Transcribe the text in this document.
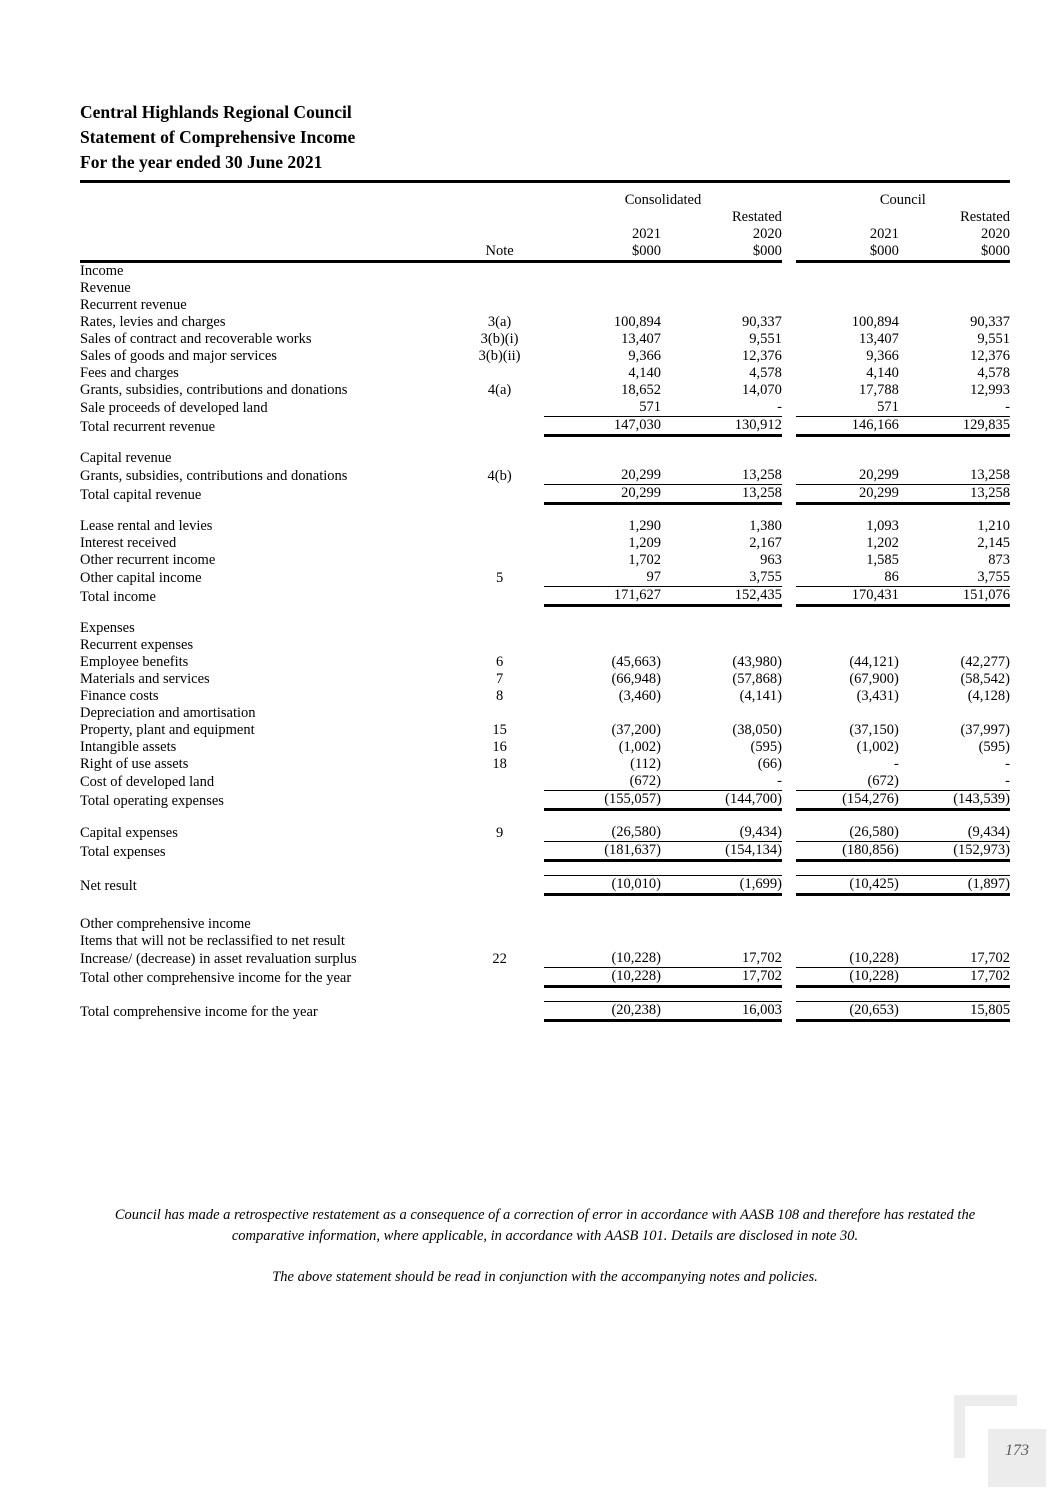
Central Highlands Regional Council
Statement of Comprehensive Income
For the year ended 30 June 2021
		Consolidated			Council	
			Restated			Restated
		2021	2020		2021	2020
	Note	$000	$000		$000	$000
Income						
Revenue						
Recurrent revenue						
Rates, levies and charges	3(a)	100,894	90,337		100,894	90,337
Sales of contract and recoverable works	3(b)(i)	13,407	9,551		13,407	9,551
Sales of goods and major services	3(b)(ii)	9,366	12,376		9,366	12,376
Fees and charges		4,140	4,578		4,140	4,578
Grants, subsidies, contributions and donations	4(a)	18,652	14,070		17,788	12,993
Sale proceeds of developed land		571	-		571	-
Total recurrent revenue		147,030	130,912		146,166	129,835

Capital revenue						
Grants, subsidies, contributions and donations	4(b)	20,299	13,258		20,299	13,258
Total capital revenue		20,299	13,258		20,299	13,258

Lease rental and levies		1,290	1,380		1,093	1,210
Interest received		1,209	2,167		1,202	2,145
Other recurrent income		1,702	963		1,585	873
Other capital income	5	97	3,755		86	3,755
Total income		171,627	152,435		170,431	151,076

Expenses						
Recurrent expenses						
Employee benefits	6	(45,663)	(43,980)		(44,121)	(42,277)
Materials and services	7	(66,948)	(57,868)		(67,900)	(58,542)
Finance costs	8	(3,460)	(4,141)		(3,431)	(4,128)
Depreciation and amortisation						
Property, plant and equipment	15	(37,200)	(38,050)		(37,150)	(37,997)
Intangible assets	16	(1,002)	(595)		(1,002)	(595)
Right of use assets	18	(112)	(66)		-	-
Cost of developed land		(672)	-		(672)	-
Total operating expenses		(155,057)	(144,700)		(154,276)	(143,539)

Capital expenses	9	(26,580)	(9,434)		(26,580)	(9,434)
Total expenses		(181,637)	(154,134)		(180,856)	(152,973)

Net result		(10,010)	(1,699)		(10,425)	(1,897)

Other comprehensive income						
Items that will not be reclassified to net result						
Increase/ (decrease) in asset revaluation surplus	22	(10,228)	17,702		(10,228)	17,702
Total other comprehensive income for the year		(10,228)	17,702		(10,228)	17,702

Total comprehensive income for the year		(20,238)	16,003		(20,653)	15,805
Council has made a retrospective restatement as a consequence of a correction of error in accordance with AASB 108 and therefore has restated the comparative information, where applicable, in accordance with AASB 101. Details are disclosed in note 30.
The above statement should be read in conjunction with the accompanying notes and policies.
173
